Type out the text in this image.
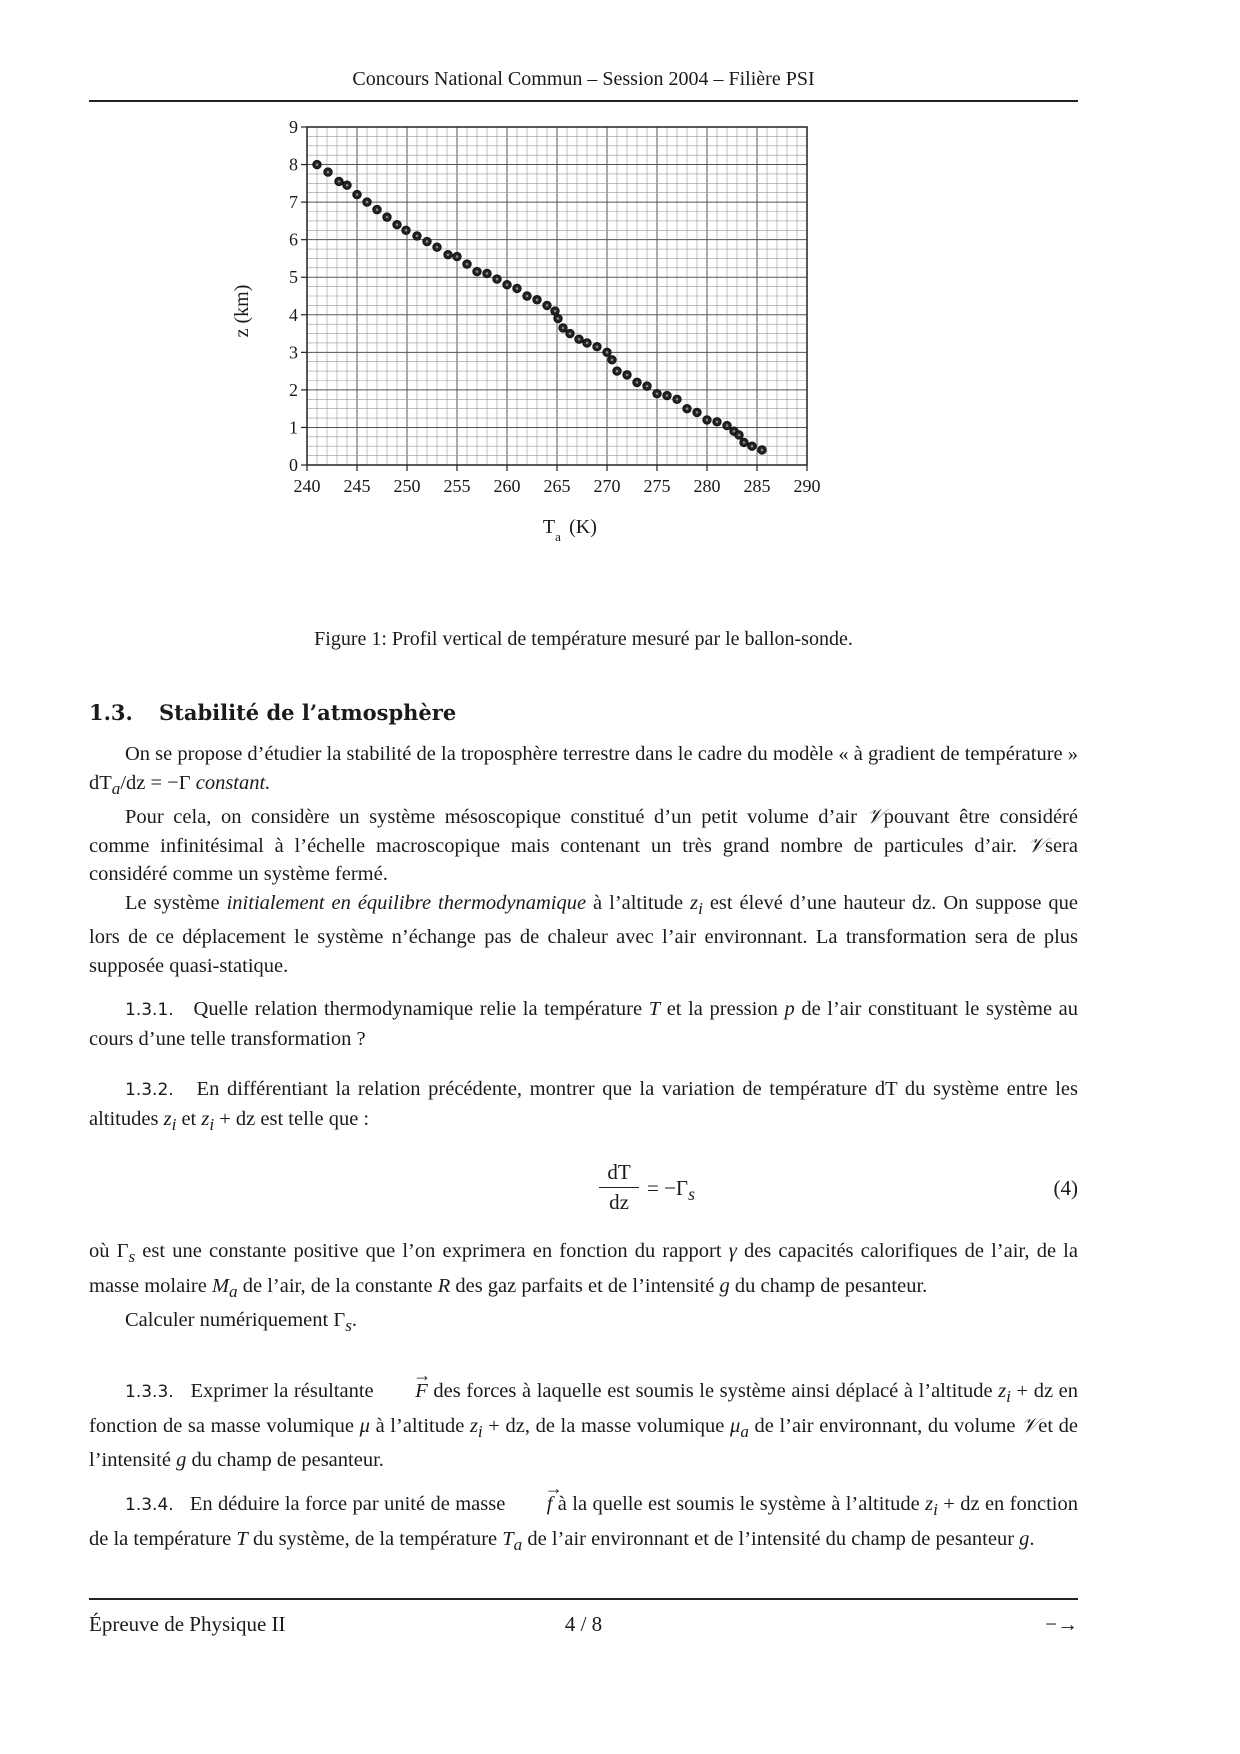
Concours National Commun – Session 2004 – Filière PSI
240 245 250 255 260 265 270 275 280 285 290
0
1
2
3
4
5
6
7
8
9
T a (K)
z (km)
Figure 1: Profil vertical de température mesuré par le ballon-sonde.
1.3. Stabilité de l’atmosphère

On se propose d’étudier la stabilité de la troposphère terrestre dans le cadre du modèle « à gradient de température » $dT_a/dz = -\Gamma$ constant.

Pour cela, on considère un système mésoscopique constitué d’un petit volume d’air 𝒱pouvant être considéré comme infinitésimal à l’échelle macroscopique mais contenant un très grand nombre de particules d’air. 𝒱sera considéré comme un système fermé.

Le système initialement en équilibre thermodynamique à l’altitude $z_i$ est élevé d’une hauteur dz. On suppose que lors de ce déplacement le système n’échange pas de chaleur avec l’air environnant. La transformation sera de plus supposée quasi-statique.

1.3.1. Quelle relation thermodynamique relie la température T et la pression p de l’air constituant le système au cours d’une telle transformation ?

1.3.2. En différentiant la relation précédente, montrer que la variation de température dT du système entre les altitudes $z_i$ et $z_i$ + dz est telle que :

$\frac{dT}{dz} = -\Gamma_s$	(4)

où $\Gamma_s$ est une constante positive que l’on exprimera en fonction du rapport γ des capacités calorifiques de l’air, de la masse molaire $M_a$ de l’air, de la constante R des gaz parfaits et de l’intensité g du champ de pesanteur.

Calculer numériquement $\Gamma_s$.

1.3.3. Exprimer la résultante → F des forces à laquelle est soumis le système ainsi déplacé à l’altitude $z_i$ + dz en fonction de sa masse volumique μ à l’altitude $z_i$ + dz, de la masse volumique $\mu_a$ de l’air environnant, du volume 𝒱et de l’intensité g du champ de pesanteur.

1.3.4. En déduire la force par unité de masse → f à la quelle est soumis le système à l’altitude $z_i$ + dz en fonction de la température T du système, de la température $T_a$ de l’air environnant et de l’intensité du champ de pesanteur g.

Épreuve de Physique II	4 / 8	−→
